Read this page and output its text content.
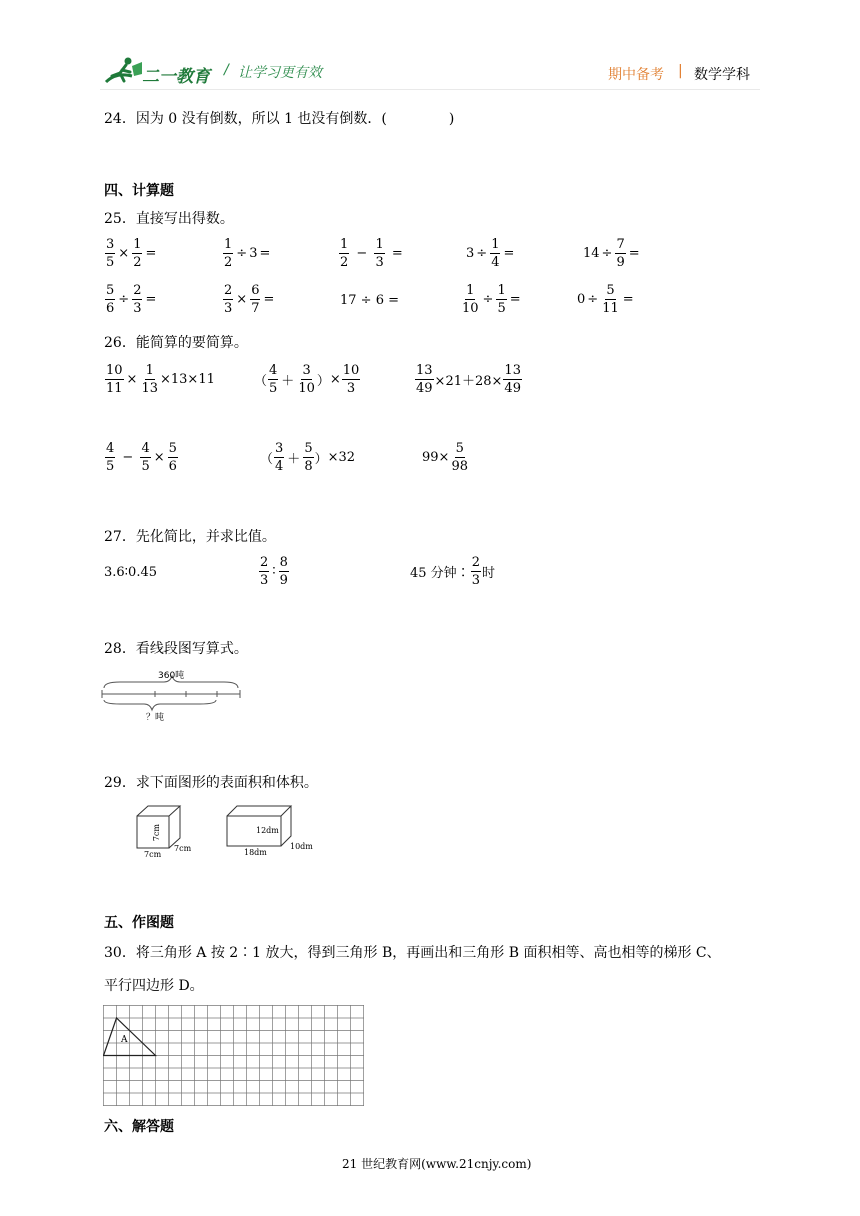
二一教育 / 让学习更有效	期中备考 | 数学学科
24．因为 0 没有倒数，所以 1 也没有倒数．(	)
四、计算题
25．直接写出得数。
$\frac{3}{5} \times \frac{1}{2}$ =	$\frac{1}{2} \div 3$ =	$\frac{1}{2} - \frac{1}{3}$ =	$3 \div \frac{1}{4}$ =	$14 \div \frac{7}{9}$ =
$\frac{5}{6} \div \frac{2}{3}$ =	$\frac{2}{3} \times \frac{6}{7}$ =	17 ÷ 6 =	$\frac{1}{10} \div \frac{1}{5}$ =	$0 \div \frac{5}{11}$ =
26．能简算的要简算。
$\frac{10}{11} \times \frac{1}{13} \times 13\times 11$	（ $\frac{4}{5} + \frac{3}{10}$ ） × $\frac{10}{3}$	$\frac{13}{49} \times 21+28\times \frac{13}{49}$
$\frac{4}{5} - \frac{4}{5} \times \frac{5}{6}$	（ $\frac{3}{4} + \frac{5}{8}$ ） ×32	$99\times \frac{5}{98}$
27．先化简比，并求比值。
3.6∶0.45	$\frac{2}{3}$ ∶ $\frac{8}{9}$	45 分钟∶ $\frac{2}{3}$ 时
28．看线段图写算式。
360吨
？吨
29．求下面图形的表面积和体积。
7cm
7cm
7cm
12dm
18dm
10dm
五、作图题
30．将三角形 A 按 2∶1 放大，得到三角形 B，再画出和三角形 B 面积相等、高也相等的梯形 C、
平行四边形 D。
A
六、解答题
21 世纪教育网(www.21cnjy.com)
